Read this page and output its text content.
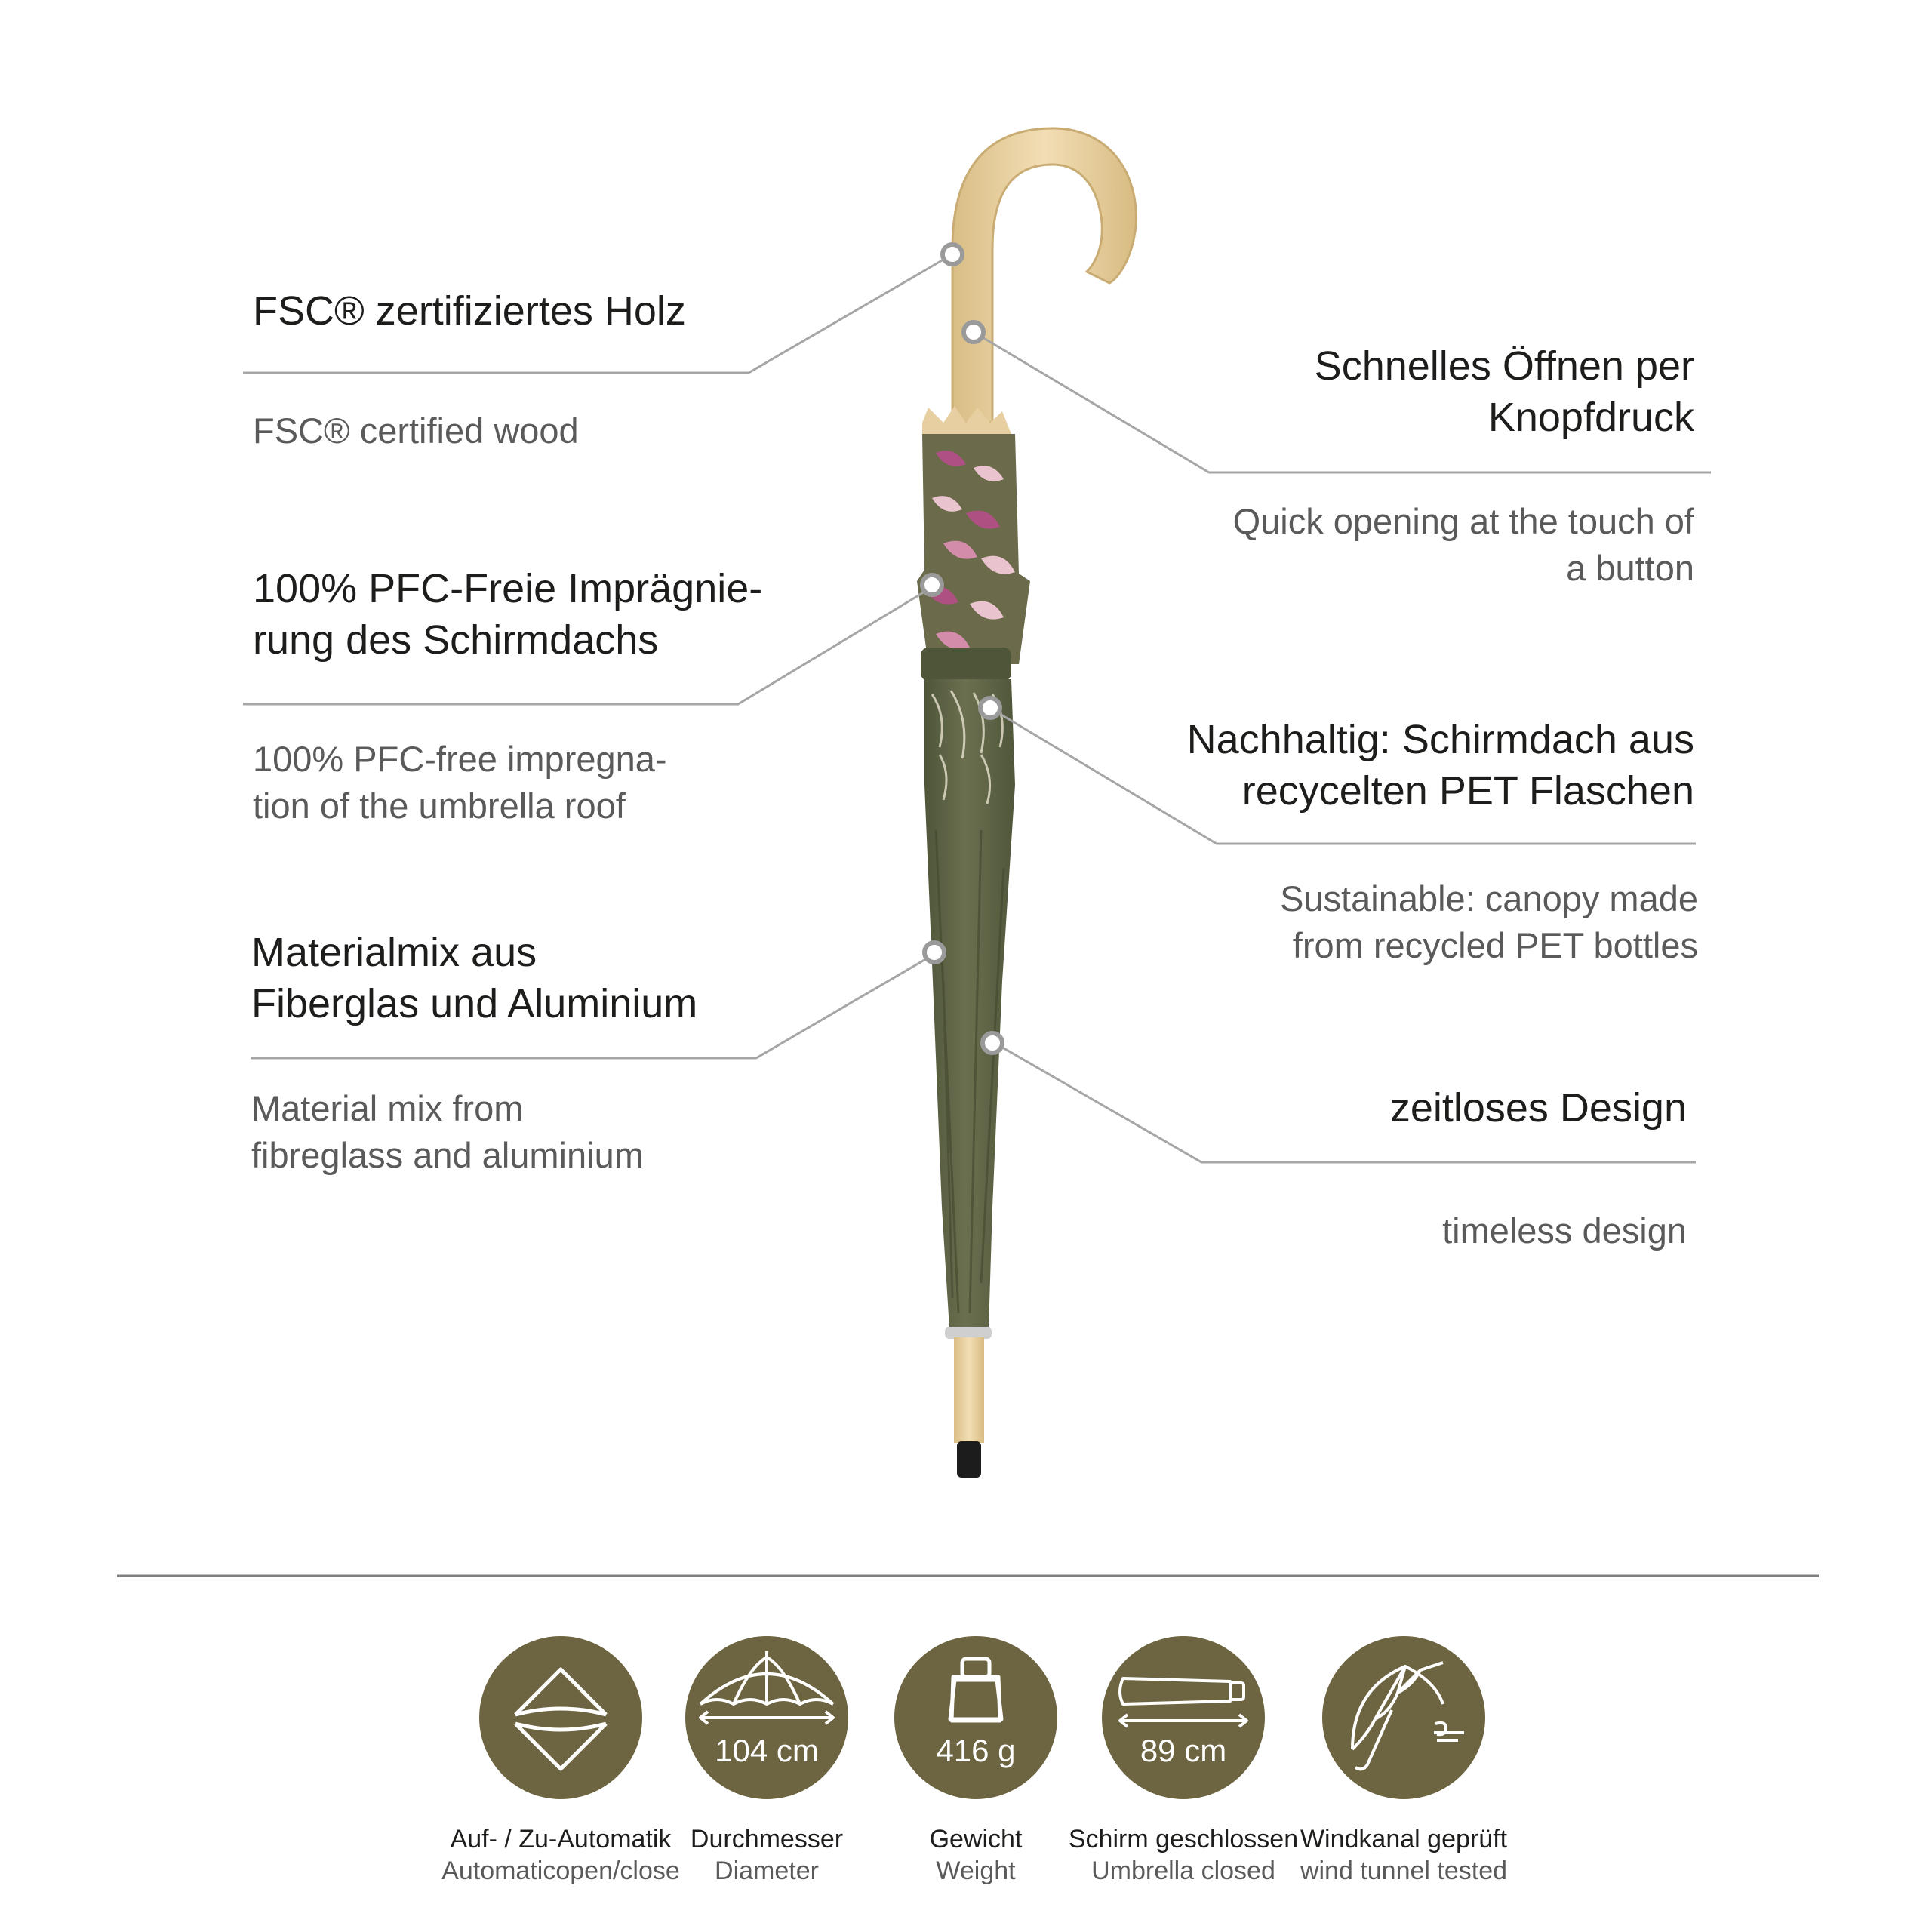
FSC® zertifiziertes Holz
FSC® certified wood
100% PFC-Freie Imprägnie-
rung des Schirmdachs
100% PFC-free impregna-
tion of the umbrella roof
Materialmix aus
Fiberglas und Aluminium
Material mix from
fibreglass and aluminium
Schnelles Öffnen per
Knopfdruck
Quick opening at the touch of
a button
Nachhaltig: Schirmdach aus
recycelten PET Flaschen
Sustainable: canopy made
from recycled PET bottles
zeitloses Design
timeless design
104 cm	416 g	89 cm
Auf- / Zu-Automatik
Automaticopen/close
Durchmesser
Diameter
Gewicht
Weight
Schirm geschlossen
Umbrella closed
Windkanal geprüft
wind tunnel tested
